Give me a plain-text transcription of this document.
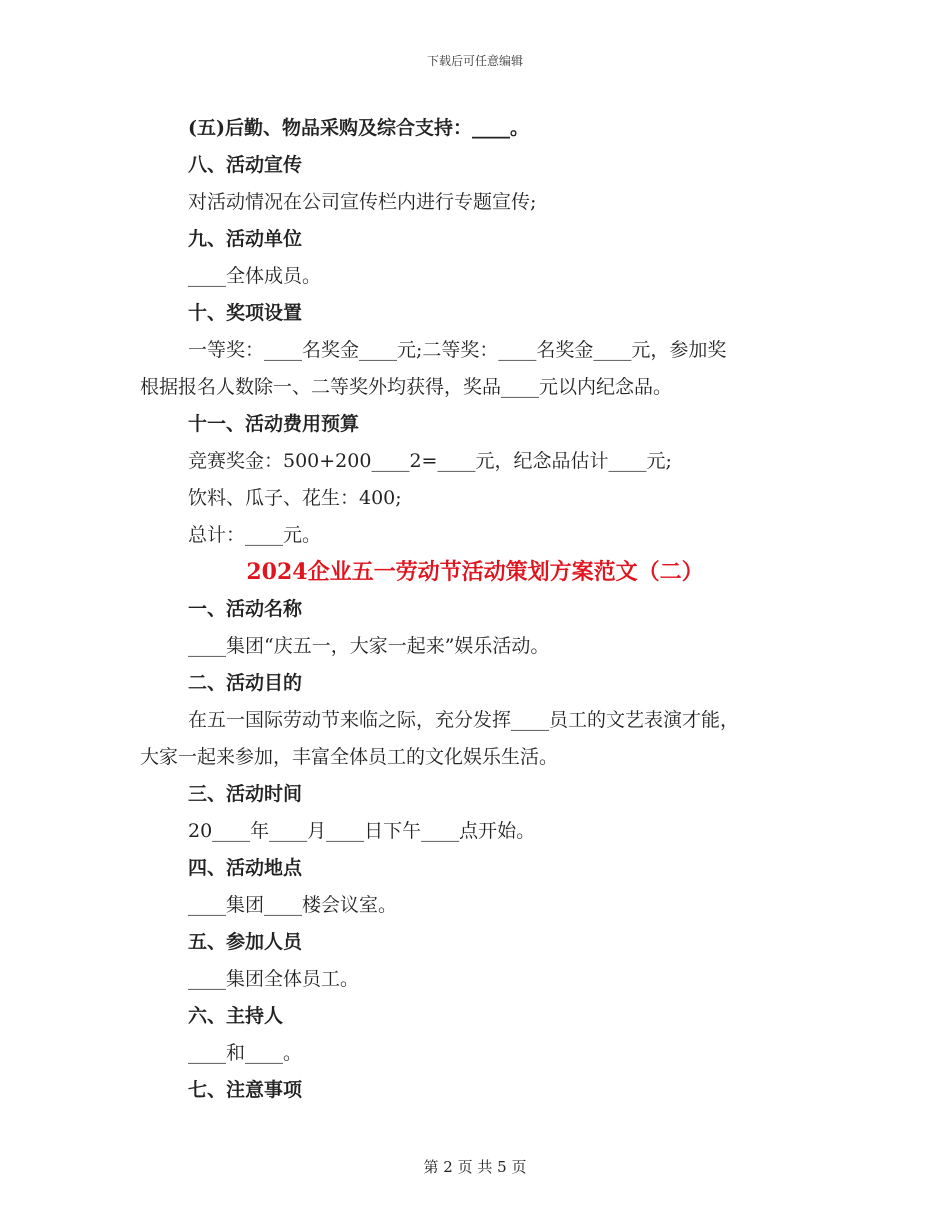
下载后可任意编辑
(五)后勤、物品采购及综合支持：____。
八、活动宣传
对活动情况在公司宣传栏内进行专题宣传;
九、活动单位
____全体成员。
十、奖项设置
一等奖：____名奖金____元;二等奖：____名奖金____元，参加奖
根据报名人数除一、二等奖外均获得，奖品____元以内纪念品。
十一、活动费用预算
竞赛奖金：500+200____2=____元，纪念品估计____元;
饮料、瓜子、花生：400;
总计：____元。
2024企业五一劳动节活动策划方案范文（二）
一、活动名称
____集团“庆五一，大家一起来”娱乐活动。
二、活动目的
在五一国际劳动节来临之际，充分发挥____员工的文艺表演才能，
大家一起来参加，丰富全体员工的文化娱乐生活。
三、活动时间
20____年____月____日下午____点开始。
四、活动地点
____集团____楼会议室。
五、参加人员
____集团全体员工。
六、主持人
____和____。
七、注意事项
第 2 页 共 5 页
